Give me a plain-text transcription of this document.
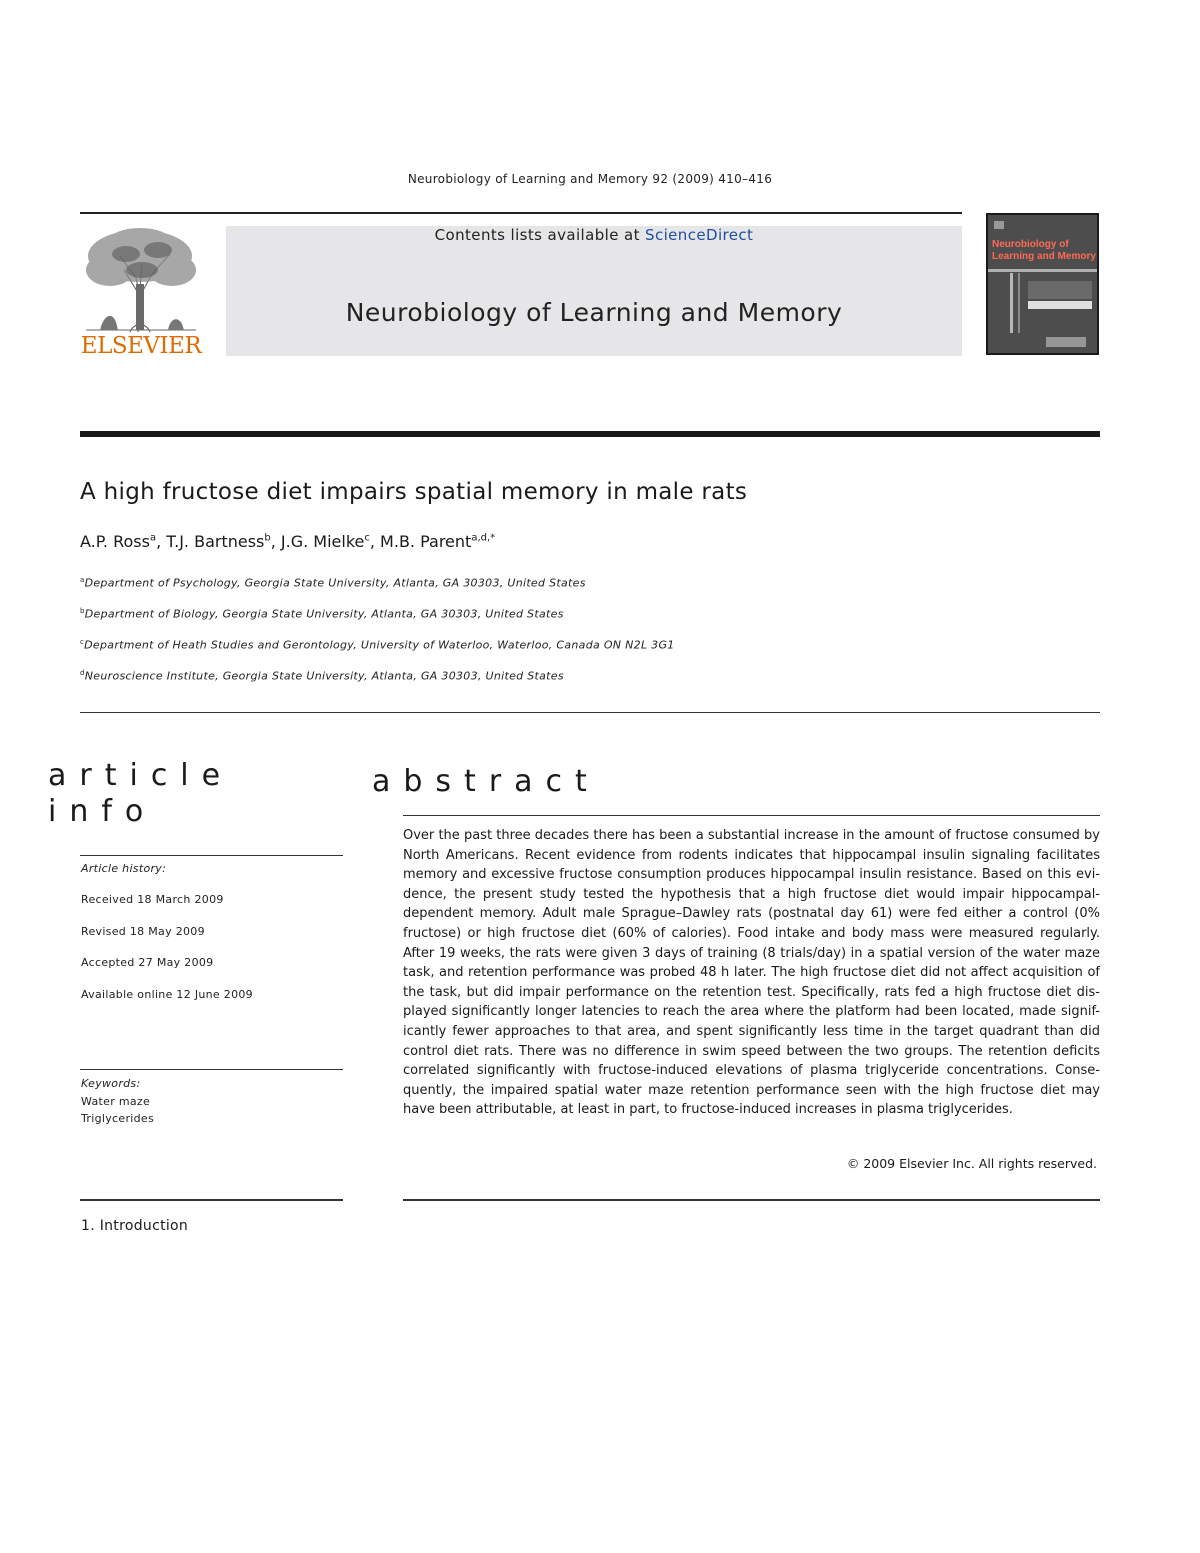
Neurobiology of Learning and Memory 92 (2009) 410–416
ELSEVIER
Contents lists available at ScienceDirect
Neurobiology of Learning and Memory
Neurobiology of Learning and Memory
A high fructose diet impairs spatial memory in male rats
A.P. Ross$^a$, T.J. Bartness$^b$, J.G. Mielke$^c$, M.B. Parent$^{a,d,*}$
$^a$Department of Psychology, Georgia State University, Atlanta, GA 30303, United States
$^b$Department of Biology, Georgia State University, Atlanta, GA 30303, United States
$^c$Department of Heath Studies and Gerontology, University of Waterloo, Waterloo, Canada ON N2L 3G1
$^d$Neuroscience Institute, Georgia State University, Atlanta, GA 30303, United States
article info
Article history:
Received 18 March 2009
Revised 18 May 2009
Accepted 27 May 2009
Available online 12 June 2009
Keywords:
Water maze
Triglycerides
abstract
Over the past three decades there has been a substantial increase in the amount of fructose consumed by North Americans. Recent evidence from rodents indicates that hippocampal insulin signaling facilitates memory and excessive fructose consumption produces hippocampal insulin resistance. Based on this evi- dence, the present study tested the hypothesis that a high fructose diet would impair hippocampal- dependent memory. Adult male Sprague–Dawley rats (postnatal day 61) were fed either a control (0% fructose) or high fructose diet (60% of calories). Food intake and body mass were measured regularly. After 19 weeks, the rats were given 3 days of training (8 trials/day) in a spatial version of the water maze task, and retention performance was probed 48 h later. The high fructose diet did not affect acquisition of the task, but did impair performance on the retention test. Specifically, rats fed a high fructose diet dis- played significantly longer latencies to reach the area where the platform had been located, made signif- icantly fewer approaches to that area, and spent significantly less time in the target quadrant than did control diet rats. There was no difference in swim speed between the two groups. The retention deficits correlated significantly with fructose-induced elevations of plasma triglyceride concentrations. Conse- quently, the impaired spatial water maze retention performance seen with the high fructose diet may have been attributable, at least in part, to fructose-induced increases in plasma triglycerides.
© 2009 Elsevier Inc. All rights reserved.
1. Introduction
